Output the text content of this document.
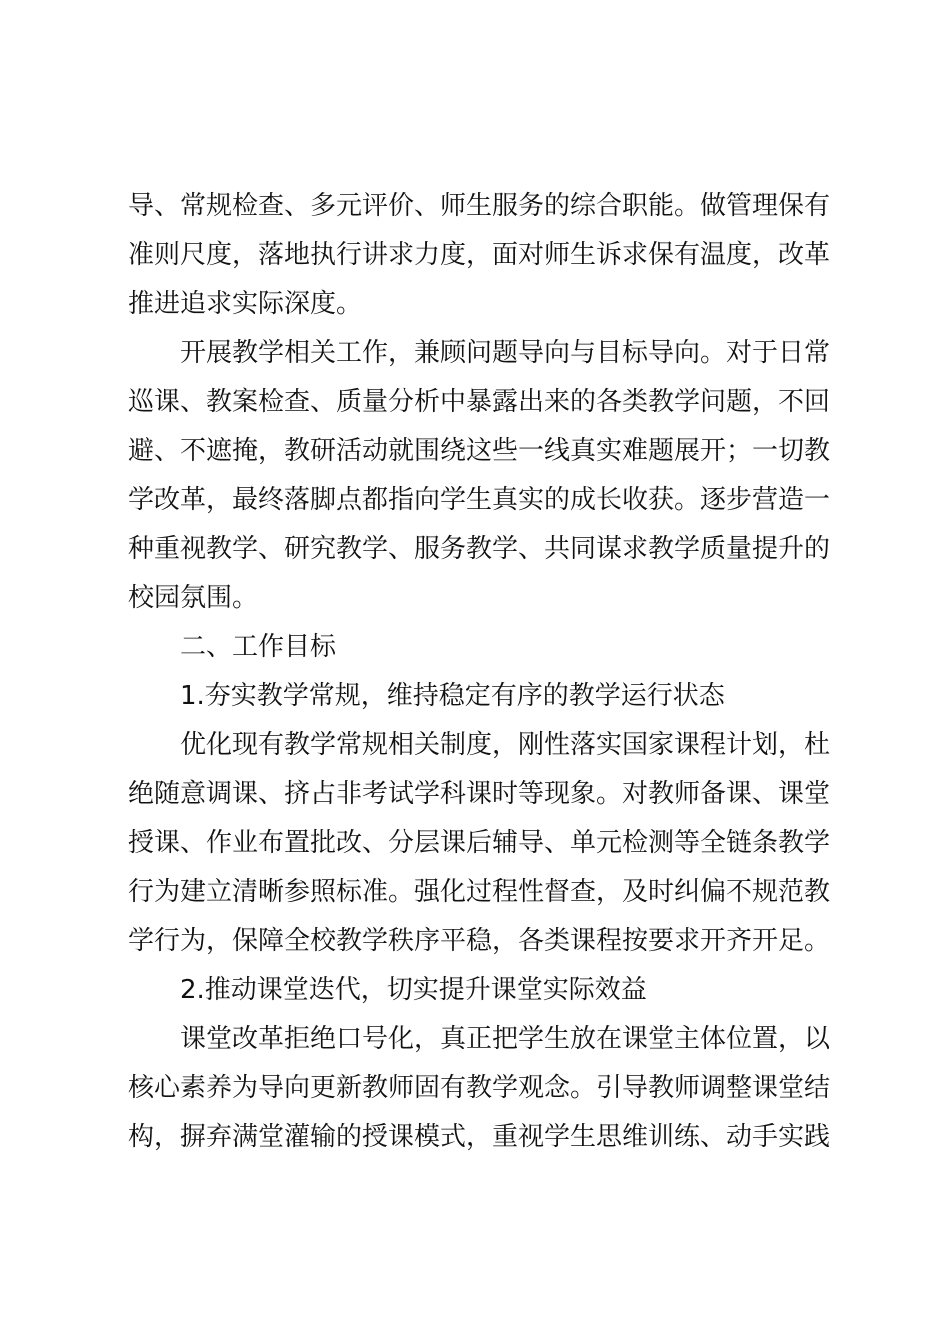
导、常规检查、多元评价、师生服务的综合职能。做管理保有
准则尺度，落地执行讲求力度，面对师生诉求保有温度，改革
推进追求实际深度。
开展教学相关工作，兼顾问题导向与目标导向。对于日常
巡课、教案检查、质量分析中暴露出来的各类教学问题，不回
避、不遮掩，教研活动就围绕这些一线真实难题展开；一切教
学改革，最终落脚点都指向学生真实的成长收获。逐步营造一
种重视教学、研究教学、服务教学、共同谋求教学质量提升的
校园氛围。
二、工作目标
1.夯实教学常规，维持稳定有序的教学运行状态
优化现有教学常规相关制度，刚性落实国家课程计划，杜
绝随意调课、挤占非考试学科课时等现象。对教师备课、课堂
授课、作业布置批改、分层课后辅导、单元检测等全链条教学
行为建立清晰参照标准。强化过程性督查，及时纠偏不规范教
学行为，保障全校教学秩序平稳，各类课程按要求开齐开足。
2.推动课堂迭代，切实提升课堂实际效益
课堂改革拒绝口号化，真正把学生放在课堂主体位置，以
核心素养为导向更新教师固有教学观念。引导教师调整课堂结
构，摒弃满堂灌输的授课模式，重视学生思维训练、动手实践
